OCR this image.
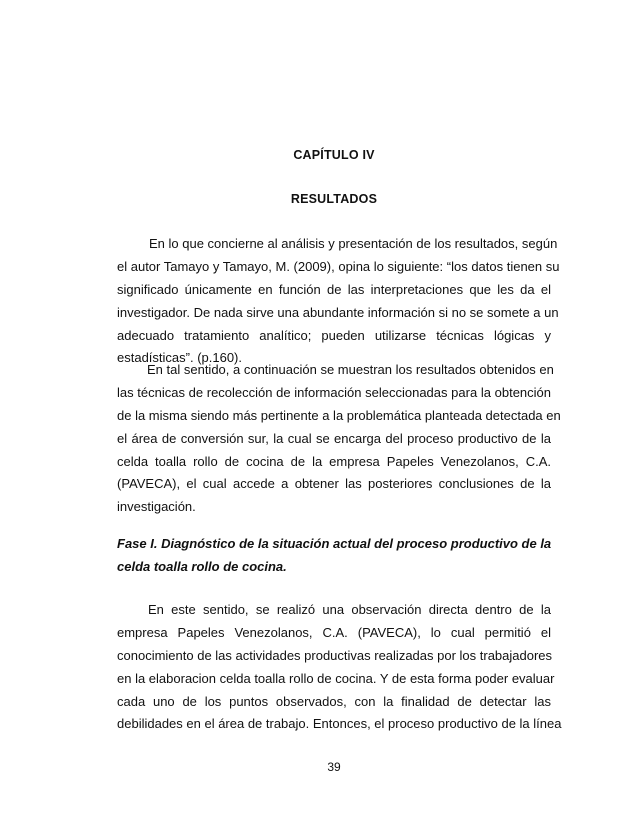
CAPÍTULO IV
RESULTADOS
En lo que concierne al análisis y presentación de los resultados, según
el autor Tamayo y Tamayo, M. (2009), opina lo siguiente: “los datos tienen su
significado únicamente en función de las interpretaciones que les da el
investigador. De nada sirve una abundante información si no se somete a un
adecuado tratamiento analítico; pueden utilizarse técnicas lógicas y
estadísticas”. (p.160).
En tal sentido, a continuación se muestran los resultados obtenidos en
las técnicas de recolección de información seleccionadas para la obtención
de la misma siendo más pertinente a la problemática planteada detectada en
el área de conversión sur, la cual se encarga del proceso productivo de la
celda toalla rollo de cocina de la empresa Papeles Venezolanos, C.A.
(PAVECA), el cual accede a obtener las posteriores conclusiones de la
investigación.
Fase I. Diagnóstico de la situación actual del proceso productivo de la
celda toalla rollo de cocina.
En este sentido, se realizó una observación directa dentro de la
empresa Papeles Venezolanos, C.A. (PAVECA), lo cual permitió el
conocimiento de las actividades productivas realizadas por los trabajadores
en la elaboracion celda toalla rollo de cocina. Y de esta forma poder evaluar
cada uno de los puntos observados, con la finalidad de detectar las
debilidades en el área de trabajo. Entonces, el proceso productivo de la línea
39
